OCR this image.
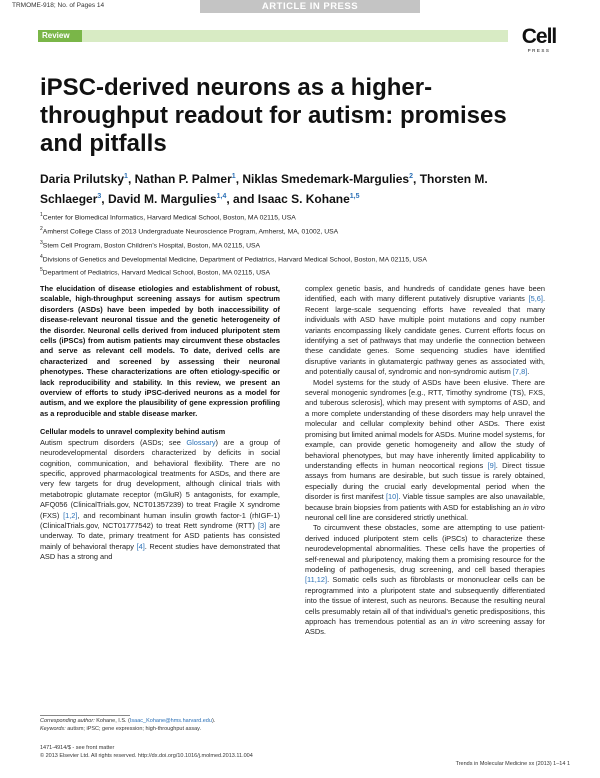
TRMOME-918; No. of Pages 14	ARTICLE IN PRESS
Review	Cell
PRESS
iPSC-derived neurons as a higher-throughput readout for autism: promises and pitfalls
Daria Prilutsky$^1$, Nathan P. Palmer$^1$, Niklas Smedemark-Margulies$^2$, Thorsten M. Schlaeger$^3$, David M. Margulies$^{1,4}$, and Isaac S. Kohane$^{1,5}$
$^1$Center for Biomedical Informatics, Harvard Medical School, Boston, MA 02115, USA
$^2$Amherst College Class of 2013 Undergraduate Neuroscience Program, Amherst, MA, 01002, USA
$^3$Stem Cell Program, Boston Children's Hospital, Boston, MA 02115, USA
$^4$Divisions of Genetics and Developmental Medicine, Department of Pediatrics, Harvard Medical School, Boston, MA 02115, USA
$^5$Department of Pediatrics, Harvard Medical School, Boston, MA 02115, USA

The elucidation of disease etiologies and establishment of robust, scalable, high-throughput screening assays for autism spectrum disorders (ASDs) have been impeded by both inaccessibility of disease-relevant neuronal tissue and the genetic heterogeneity of the disorder. Neuronal cells derived from induced pluripotent stem cells (iPSCs) from autism patients may circumvent these obstacles and serve as relevant cell models. To date, derived cells are characterized and screened by assessing their neuronal phenotypes. These characterizations are often etiology-specific or lack reproducibility and stability. In this review, we present an overview of efforts to study iPSC-derived neurons as a model for autism, and we explore the plausibility of gene expression profiling as a reproducible and stable disease marker.

Cellular models to unravel complexity behind autism

Autism spectrum disorders (ASDs; see Glossary) are a group of neurodevelopmental disorders characterized by deficits in social cognition, communication, and behavioral flexibility. There are no specific, approved pharmacological treatments for ASDs, and there are very few targets for drug development, although clinical trials with metabotropic glutamate receptor (mGluR) 5 antagonists, for example, AFQ056 (ClinicalTrials.gov, NCT01357239) to treat Fragile X syndrome (FXS) [1,2], and recombinant human insulin growth factor-1 (rhIGF-1) (ClinicalTrials.gov, NCT01777542) to treat Rett syndrome (RTT) [3] are underway. To date, primary treatment for ASD patients has consisted mainly of behavioral therapy [4]. Recent studies have demonstrated that ASD has a strong and

complex genetic basis, and hundreds of candidate genes have been identified, each with many different putatively disruptive variants [5,6]. Recent large-scale sequencing efforts have revealed that many individuals with ASD have multiple point mutations and copy number variants encompassing likely candidate genes. Current efforts focus on identifying a set of pathways that may underlie the connection between these candidate genes. Some sequencing studies have identified disruptive variants in glutamatergic pathway genes as associated with, and potentially causal of, syndromic and non-syndromic autism [7,8].

Model systems for the study of ASDs have been elusive. There are several monogenic syndromes [e.g., RTT, Timothy syndrome (TS), FXS, and tuberous sclerosis], which may present with symptoms of ASD, and a more complete understanding of these disorders may help unravel the molecular and cellular complexity behind other ASDs. There exist promising but limited animal models for ASDs. Murine model systems, for example, can provide genetic homogeneity and allow the study of behavioral phenotypes, but may have inherently limited applicability to understanding effects in human neocortical regions [9]. Direct tissue assays from humans are desirable, but such tissue is rarely obtained, especially during the crucial early developmental period when the disorder is first manifest [10]. Viable tissue samples are also unavailable, because brain biopsies from patients with ASD for establishing an in vitro neuronal cell line are considered strictly unethical.

To circumvent these obstacles, some are attempting to use patient-derived induced pluripotent stem cells (iPSCs) to characterize these neurodevelopmental abnormalities. These cells have the properties of self-renewal and pluripotency, making them a promising resource for the modeling of pathogenesis, drug screening, and cell based therapies [11,12]. Somatic cells such as fibroblasts or mononuclear cells can be reprogrammed into a pluripotent state and subsequently differentiated into the tissue of interest, such as neurons. Because the resulting neural cells presumably retain all of that individual's genetic predispositions, this approach has tremendous potential as an in vitro screening assay for ASDs.

Corresponding author: Kohane, I.S. (Isaac_Kohane@hms.harvard.edu).
Keywords: autism; iPSC; gene expression; high-throughput assay.
1471-4914/$ - see front matter
© 2013 Elsevier Ltd. All rights reserved. http://dx.doi.org/10.1016/j.molmed.2013.11.004
Trends in Molecular Medicine xx (2013) 1–14 1
